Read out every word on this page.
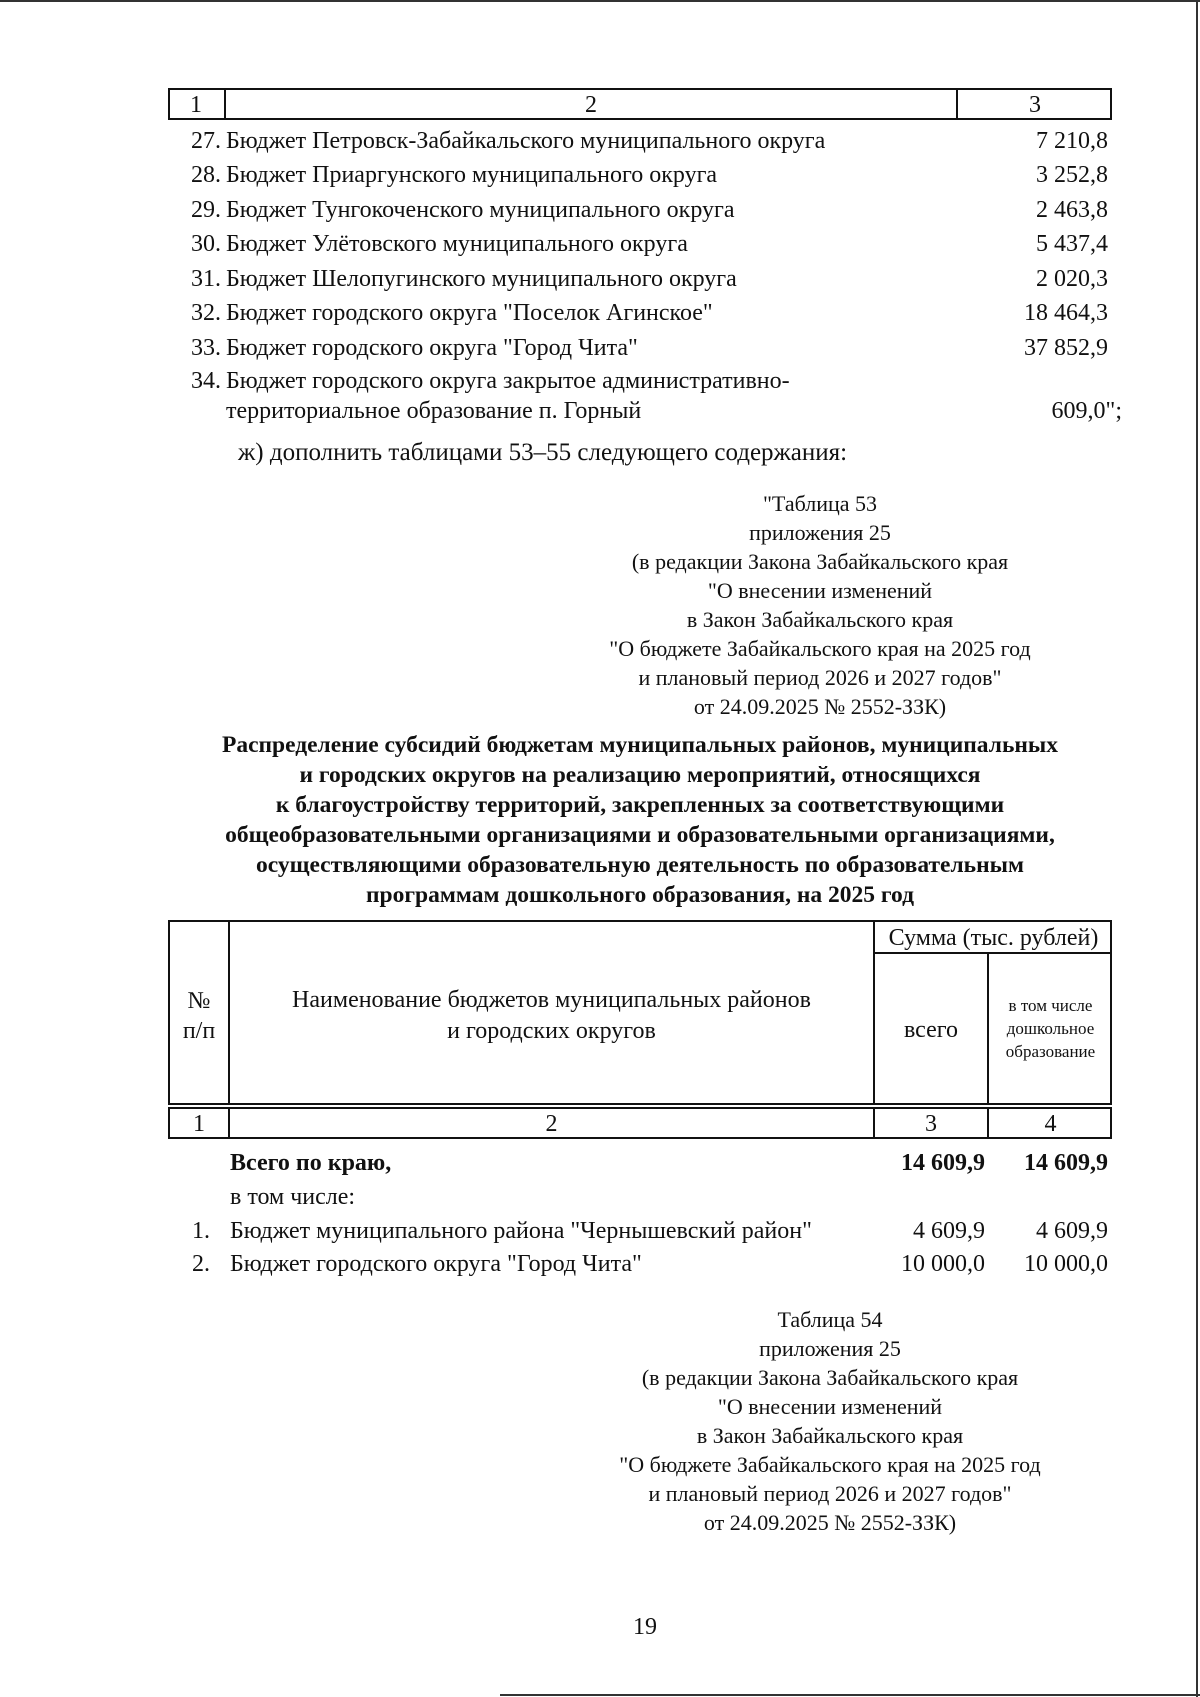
1	2	3
27. Бюджет Петровск-Забайкальского муниципального округа	7 210,8
28. Бюджет Приаргунского муниципального округа	3 252,8
29. Бюджет Тунгокоченского муниципального округа	2 463,8
30. Бюджет Улётовского муниципального округа	5 437,4
31. Бюджет Шелопугинского муниципального округа	2 020,3
32. Бюджет городского округа "Поселок Агинское"	18 464,3
33. Бюджет городского округа "Город Чита"	37 852,9
34. Бюджет городского округа закрытое административно-
территориальное образование п. Горный	609,0";
ж) дополнить таблицами 53–55 следующего содержания:
"Таблица 53
приложения 25
(в редакции Закона Забайкальского края
"О внесении изменений
в Закон Забайкальского края
"О бюджете Забайкальского края на 2025 год
и плановый период 2026 и 2027 годов"
от 24.09.2025 № 2552-ЗЗК)
Распределение субсидий бюджетам муниципальных районов, муниципальных
и городских округов на реализацию мероприятий, относящихся
к благоустройству территорий, закрепленных за соответствующими
общеобразовательными организациями и образовательными организациями,
осуществляющими образовательную деятельность по образовательным
программам дошкольного образования, на 2025 год
№
п/п
Наименование бюджетов муниципальных районов
и городских округов
Сумма (тыс. рублей)
всего
в том числе
дошкольное
образование
1	2	3	4
Всего по краю,	14 609,9	14 609,9
в том числе:
1. Бюджет муниципального района "Чернышевский район"	4 609,9	4 609,9
2. Бюджет городского округа "Город Чита"	10 000,0	10 000,0
Таблица 54
приложения 25
(в редакции Закона Забайкальского края
"О внесении изменений
в Закон Забайкальского края
"О бюджете Забайкальского края на 2025 год
и плановый период 2026 и 2027 годов"
от 24.09.2025 № 2552-ЗЗК)
19
